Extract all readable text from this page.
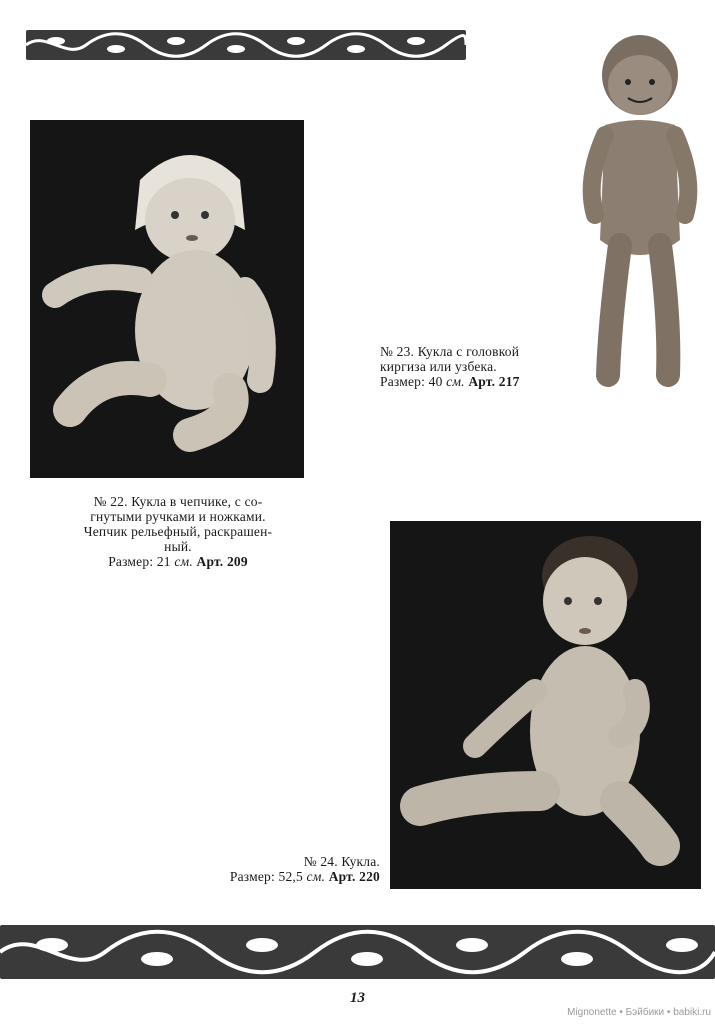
№ 22. Кукла в чепчике, с со-
гнутыми ручками и ножками.
Чепчик рельефный, раскрашен-
ный.
Размер: 21 см. Арт. 209
№ 23. Кукла с головкой
киргиза или узбека.
Размер: 40 см. Арт. 217
№ 24. Кукла.
Размер: 52,5 см. Арт. 220
13
Mignonette • Бэйбики • babiki.ru
